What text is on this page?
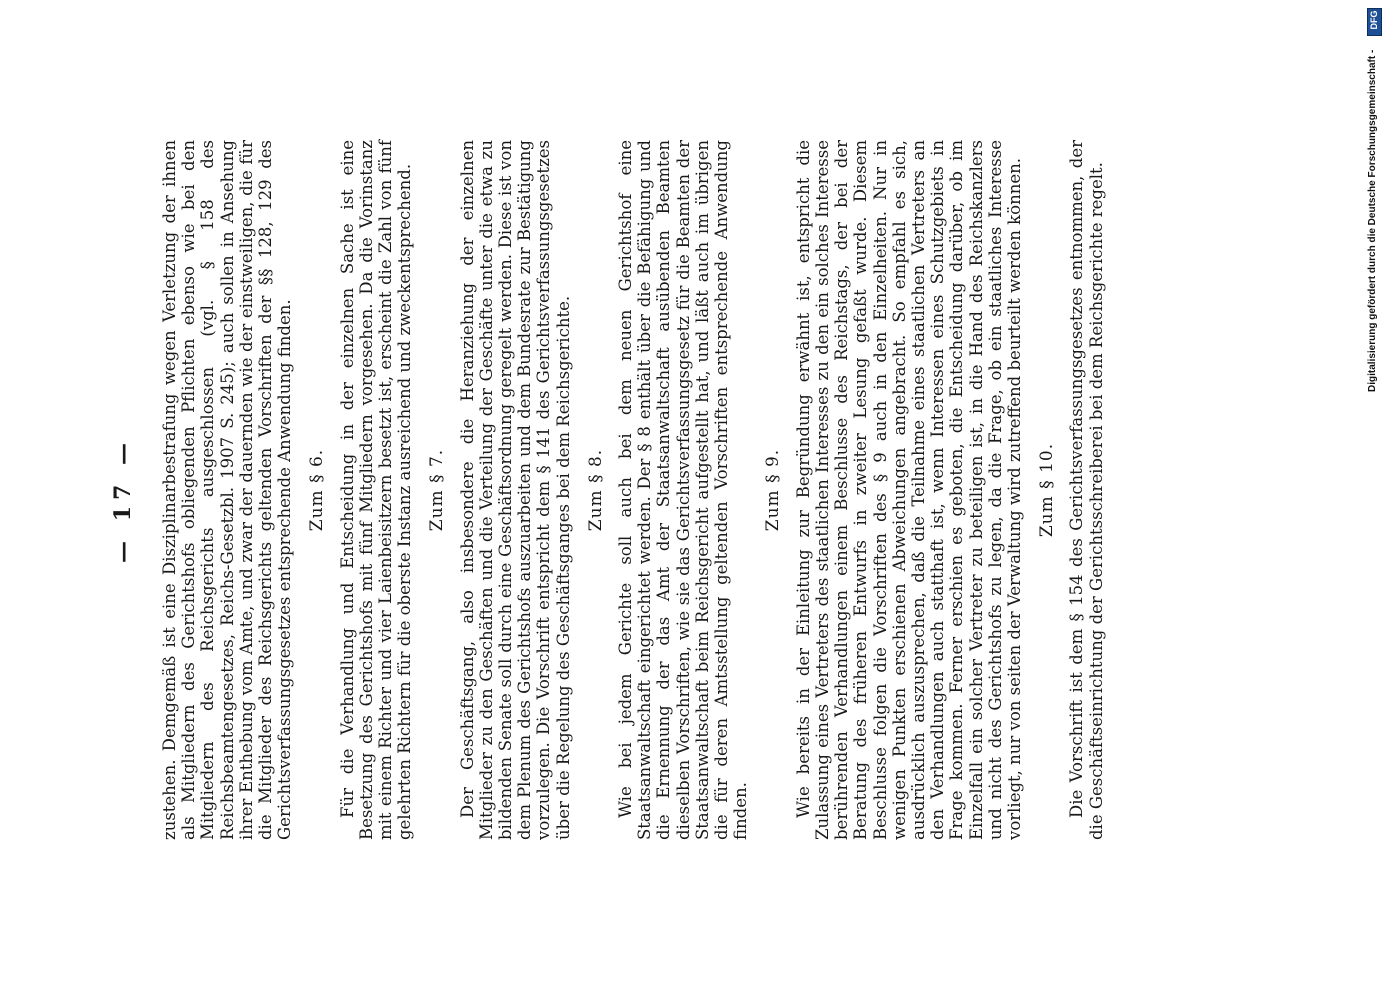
— 17 — zustehen. Demgemäß ist eine Disziplinarbestrafung wegen Verletzung der ihnen als Mitgliedern des Gerichtshofs obliegenden Pflichten ebenso wie bei den Mitgliedern des Reichsgerichts ausgeschlossen (vgl. § 158 des Reichsbeamtengesetzes, Reichs-Gesetzbl. 1907 S. 245); auch sollen in Ansehung ihrer Enthebung vom Amte, und zwar der dauernden wie der einstweiligen, die für die Mitglieder des Reichsgerichts geltenden Vorschriften der §§ 128, 129 des Gerichtsverfassungsgesetzes entsprechende Anwendung finden. Zum § 6. Für die Verhandlung und Entscheidung in der einzelnen Sache ist eine Besetzung des Gerichtshofs mit fünf Mitgliedern vorgesehen. Da die Vorinstanz mit einem Richter und vier Laienbeisitzern besetzt ist, erscheint die Zahl von fünf gelehrten Richtern für die oberste Instanz ausreichend und zweckentsprechend. Zum § 7. Der Geschäftsgang, also insbesondere die Heranziehung der einzelnen Mitglieder zu den Geschäften und die Verteilung der Geschäfte unter die etwa zu bildenden Senate soll durch eine Geschäftsordnung geregelt werden. Diese ist von dem Plenum des Gerichtshofs auszuarbeiten und dem Bundesrate zur Bestätigung vorzulegen. Die Vorschrift entspricht dem § 141 des Gerichtsverfassungsgesetzes über die Regelung des Geschäftsganges bei dem Reichsgerichte. Zum § 8. Wie bei jedem Gerichte soll auch bei dem neuen Gerichtshof eine Staatsanwaltschaft eingerichtet werden. Der § 8 enthält über die Befähigung und die Ernennung der das Amt der Staatsanwaltschaft ausübenden Beamten dieselben Vorschriften, wie sie das Gerichtsverfassungsgesetz für die Beamten der Staatsanwaltschaft beim Reichsgericht aufgestellt hat, und läßt auch im übrigen die für deren Amtsstellung geltenden Vorschriften entsprechende Anwendung finden.

Zum § 9. Wie bereits in der Einleitung zur Begründung erwähnt ist, entspricht die Zulassung eines Vertreters des staatlichen Interesses zu den ein solches Interesse berührenden Verhandlungen einem Beschlusse des Reichstags, der bei der Beratung des früheren Entwurfs in zweiter Lesung gefaßt wurde. Diesem Beschlusse folgen die Vorschriften des § 9 auch in den Einzelheiten. Nur in wenigen Punkten erschienen Abweichungen angebracht. So empfahl es sich, ausdrücklich auszusprechen, daß die Teilnahme eines staatlichen Vertreters an den Verhandlungen auch statthaft ist, wenn Interessen eines Schutzgebiets in Frage kommen. Ferner erschien es geboten, die Entscheidung darüber, ob im Einzelfall ein solcher Vertreter zu beteiligen ist, in die Hand des Reichskanzlers und nicht des Gerichtshofs zu legen, da die Frage, ob ein staatliches Interesse vorliegt, nur von seiten der Verwaltung wird zutreffend beurteilt werden können. Zum § 10. Die Vorschrift ist dem § 154 des Gerichtsverfassungsgesetzes entnommen, der die Geschäftseinrichtung der Gerichtsschreiberei bei dem Reichsgerichte regelt.

DFG
Digitalisierung gefördert durch die Deutsche Forschungsgemeinschaft -
